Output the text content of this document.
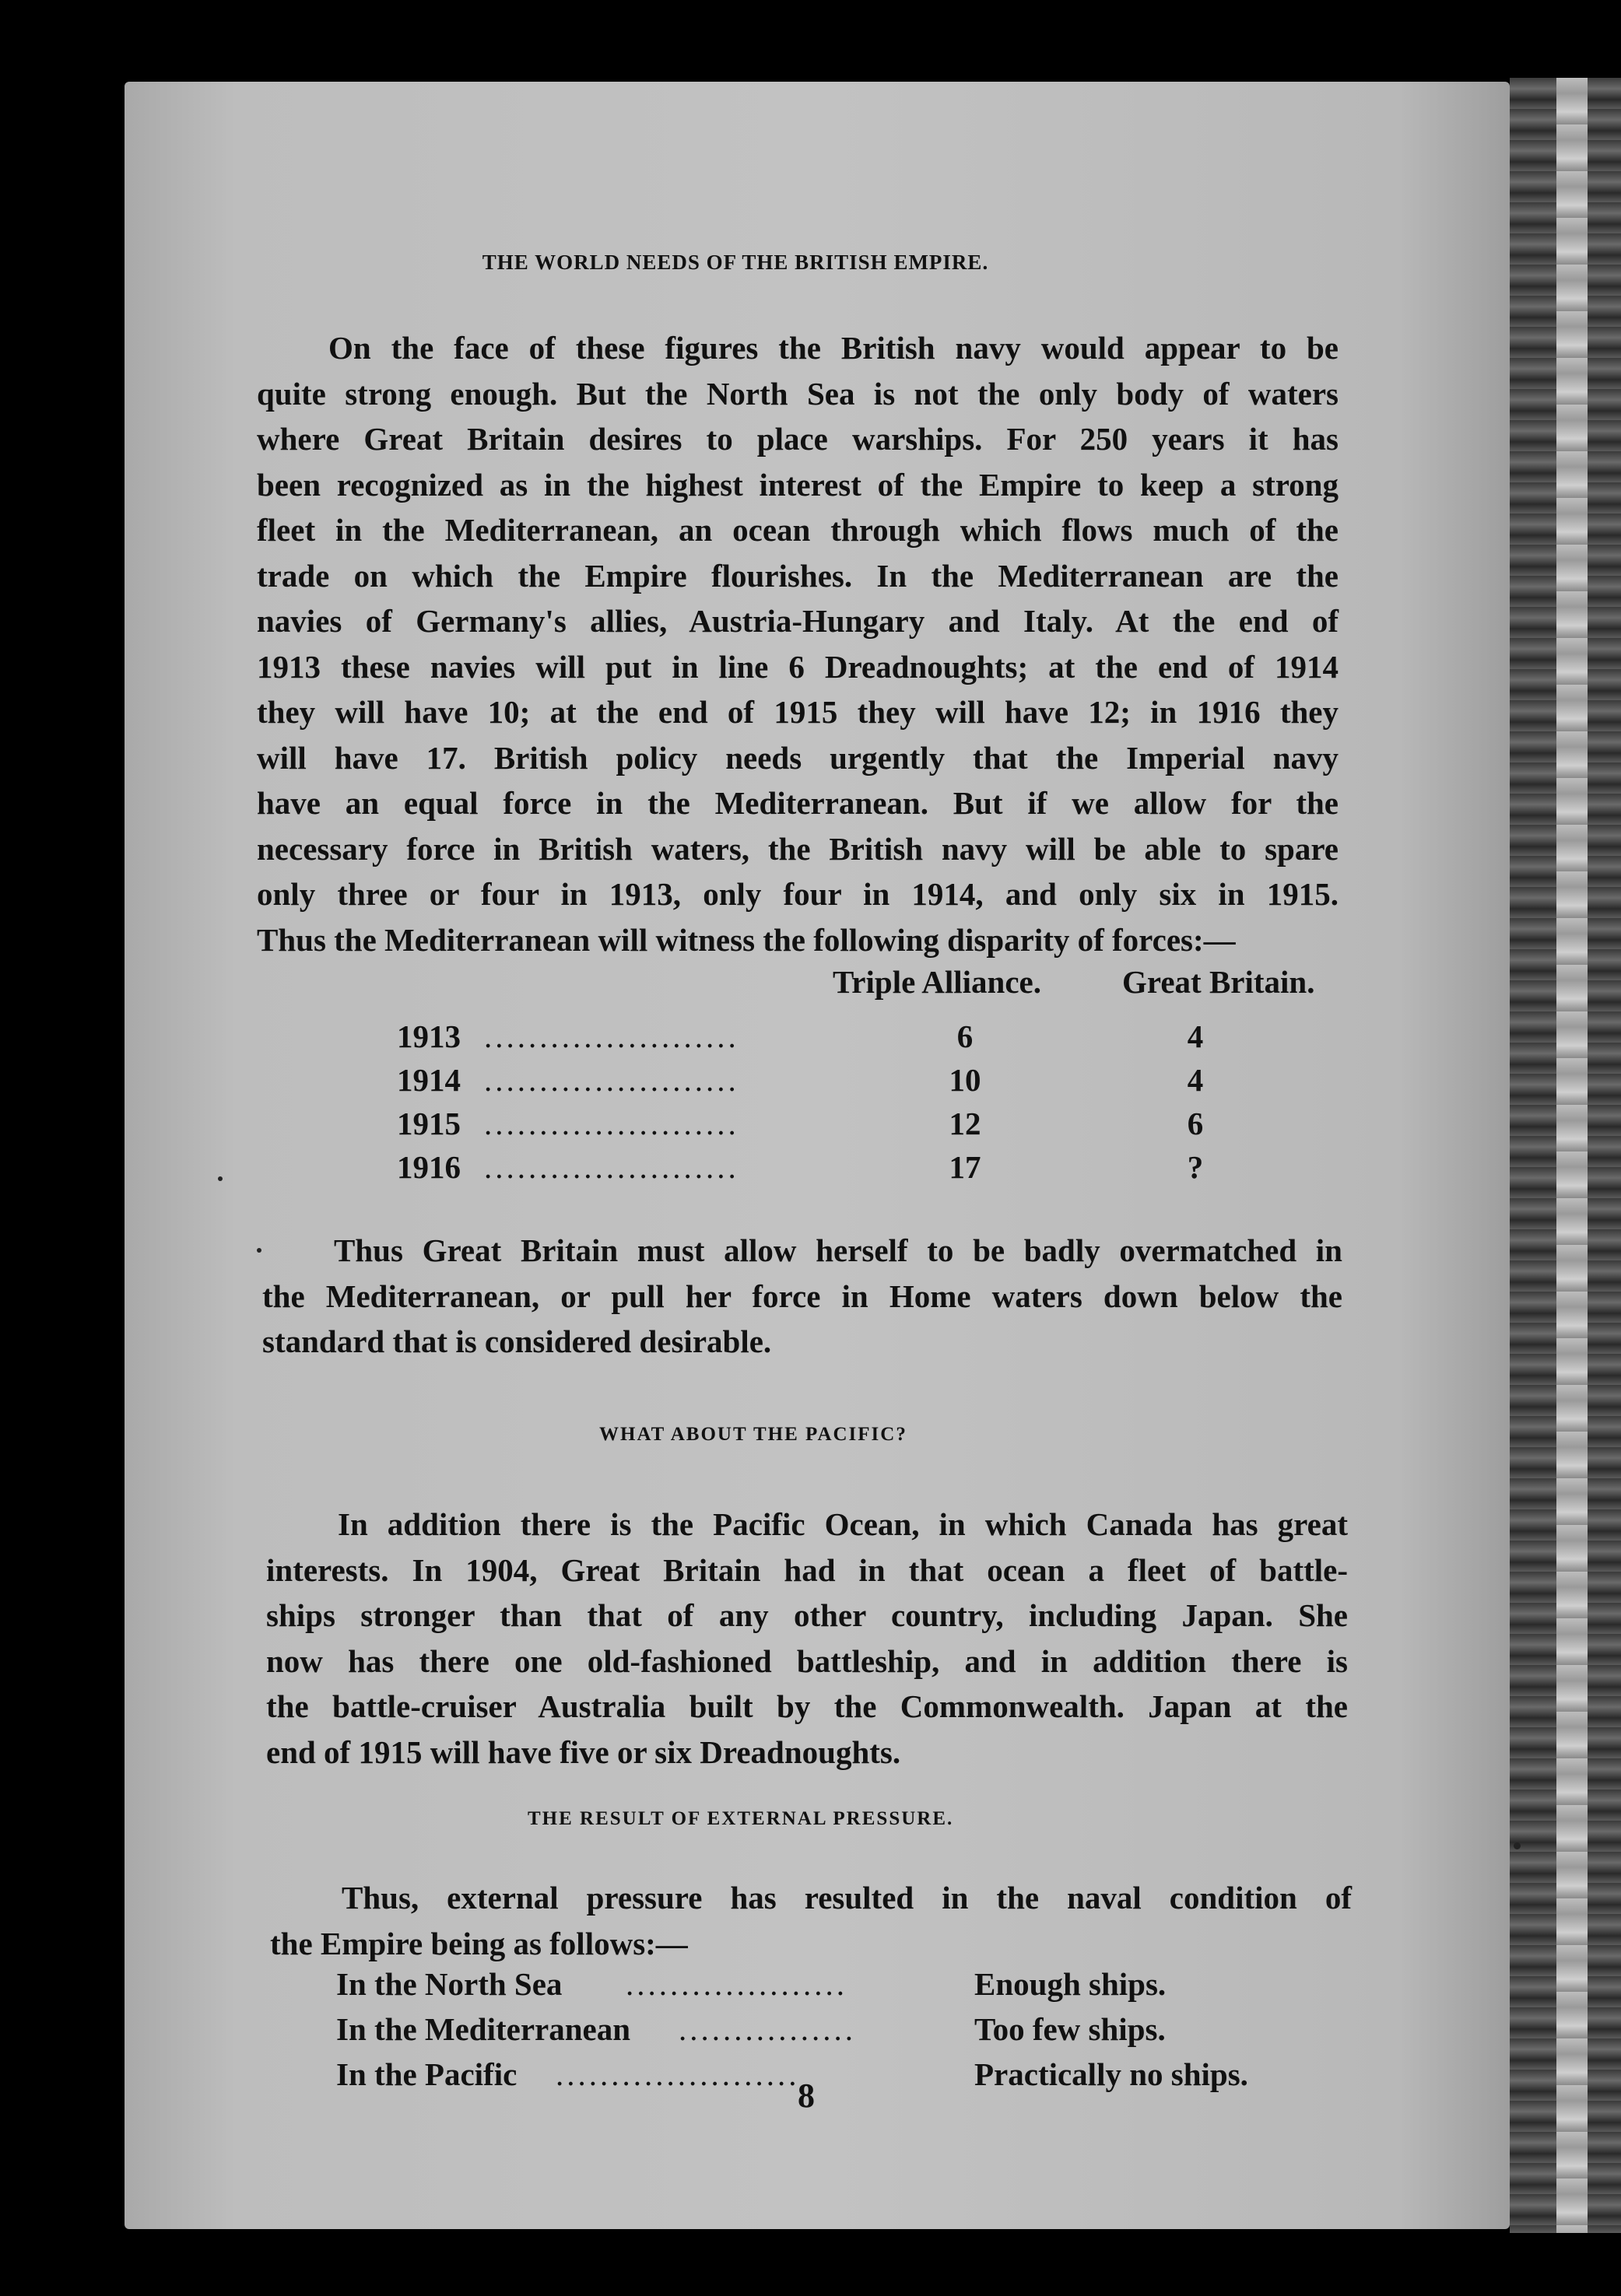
THE WORLD NEEDS OF THE BRITISH EMPIRE.
On the face of these figures the British navy would appear to be
quite strong enough. But the North Sea is not the only body of waters
where Great Britain desires to place warships. For 250 years it has
been recognized as in the highest interest of the Empire to keep a strong
fleet in the Mediterranean, an ocean through which flows much of the
trade on which the Empire flourishes. In the Mediterranean are the
navies of Germany's allies, Austria-Hungary and Italy. At the end of
1913 these navies will put in line 6 Dreadnoughts; at the end of 1914
they will have 10; at the end of 1915 they will have 12; in 1916 they
will have 17. British policy needs urgently that the Imperial navy
have an equal force in the Mediterranean. But if we allow for the
necessary force in British waters, the British navy will be able to spare
only three or four in 1913, only four in 1914, and only six in 1915.
Thus the Mediterranean will witness the following disparity of forces:—
Triple Alliance.	Great Britain.
1913 .......................	6	4
1914 .......................	10	4
1915 .......................	12	6
1916 .......................	17	?
Thus Great Britain must allow herself to be badly overmatched in
the Mediterranean, or pull her force in Home waters down below the
standard that is considered desirable.
WHAT ABOUT THE PACIFIC?
In addition there is the Pacific Ocean, in which Canada has great
interests. In 1904, Great Britain had in that ocean a fleet of battle-
ships stronger than that of any other country, including Japan. She
now has there one old-fashioned battleship, and in addition there is
the battle-cruiser Australia built by the Commonwealth. Japan at the
end of 1915 will have five or six Dreadnoughts.
THE RESULT OF EXTERNAL PRESSURE.
Thus, external pressure has resulted in the naval condition of
the Empire being as follows:—
In the North Sea ....................	Enough ships.
In the Mediterranean ................	Too few ships.
In the Pacific ......................	Practically no ships.
8
